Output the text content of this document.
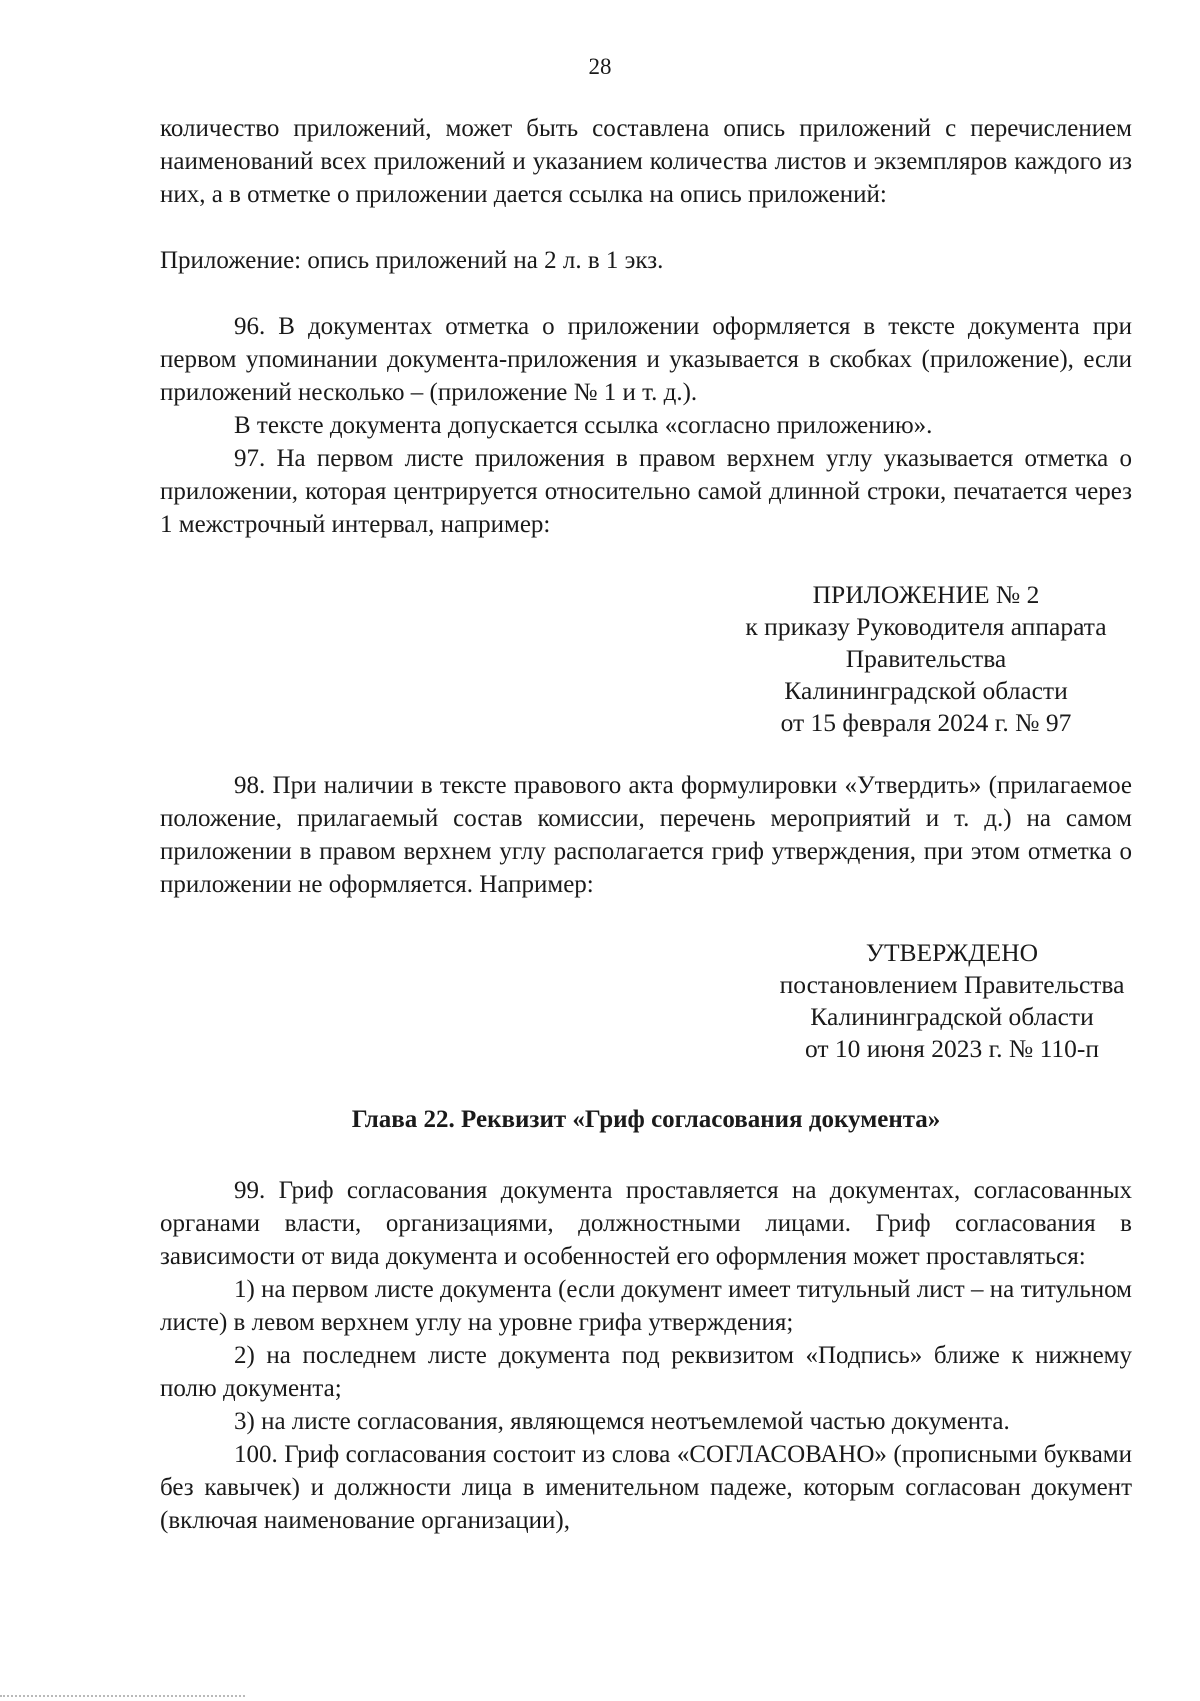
28

количество приложений, может быть составлена опись приложений с перечислением наименований всех приложений и указанием количества листов и экземпляров каждого из них, а в отметке о приложении дается ссылка на опись приложений:

Приложение: опись приложений на 2 л. в 1 экз.

96. В документах отметка о приложении оформляется в тексте документа при первом упоминании документа-приложения и указывается в скобках (приложение), если приложений несколько – (приложение № 1 и т. д.).

В тексте документа допускается ссылка «согласно приложению».

97. На первом листе приложения в правом верхнем углу указывается отметка о приложении, которая центрируется относительно самой длинной строки, печатается через 1 межстрочный интервал, например:

ПРИЛОЖЕНИЕ № 2
к приказу Руководителя аппарата
Правительства
Калининградской области
от 15 февраля 2024 г. № 97

98. При наличии в тексте правового акта формулировки «Утвердить» (прилагаемое положение, прилагаемый состав комиссии, перечень мероприятий и т. д.) на самом приложении в правом верхнем углу располагается гриф утверждения, при этом отметка о приложении не оформляется. Например:

УТВЕРЖДЕНО
постановлением Правительства
Калининградской области
от 10 июня 2023 г. № 110-п
Глава 22. Реквизит «Гриф согласования документа»

99. Гриф согласования документа проставляется на документах, согласованных органами власти, организациями, должностными лицами. Гриф согласования в зависимости от вида документа и особенностей его оформления может проставляться:

1) на первом листе документа (если документ имеет титульный лист – на титульном листе) в левом верхнем углу на уровне грифа утверждения;

2) на последнем листе документа под реквизитом «Подпись» ближе к нижнему полю документа;

3) на листе согласования, являющемся неотъемлемой частью документа.

100. Гриф согласования состоит из слова «СОГЛАСОВАНО» (прописными буквами без кавычек) и должности лица в именительном падеже, которым согласован документ (включая наименование организации),
